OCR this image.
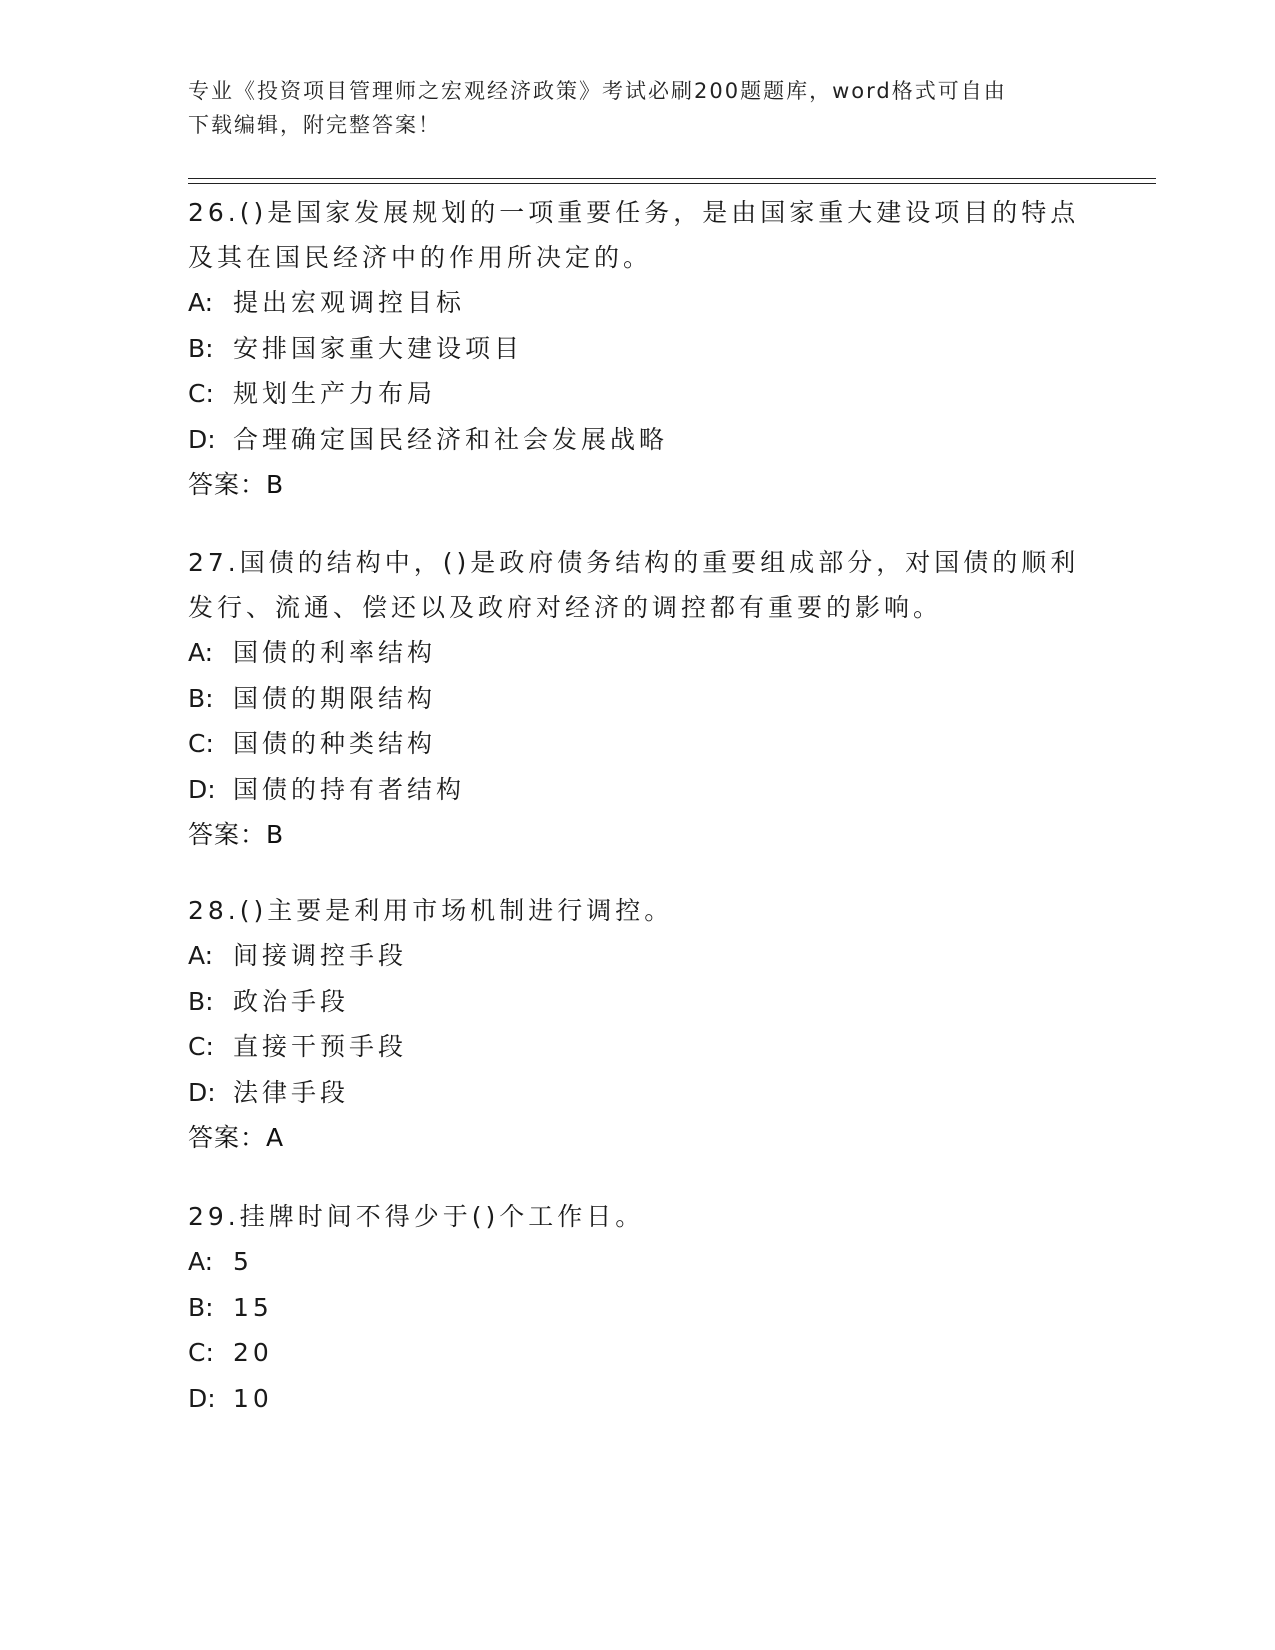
专业《投资项目管理师之宏观经济政策》考试必刷200题题库，word格式可自由
下载编辑，附完整答案！
26.()是国家发展规划的一项重要任务，是由国家重大建设项目的特点
及其在国民经济中的作用所决定的。
A: 提出宏观调控目标
B: 安排国家重大建设项目
C: 规划生产力布局
D: 合理确定国民经济和社会发展战略
答案：B
27.国债的结构中，()是政府债务结构的重要组成部分，对国债的顺利
发行、流通、偿还以及政府对经济的调控都有重要的影响。
A: 国债的利率结构
B: 国债的期限结构
C: 国债的种类结构
D: 国债的持有者结构
答案：B
28.()主要是利用市场机制进行调控。
A: 间接调控手段
B: 政治手段
C: 直接干预手段
D: 法律手段
答案：A
29.挂牌时间不得少于()个工作日。
A: 5
B: 15
C: 20
D: 10
